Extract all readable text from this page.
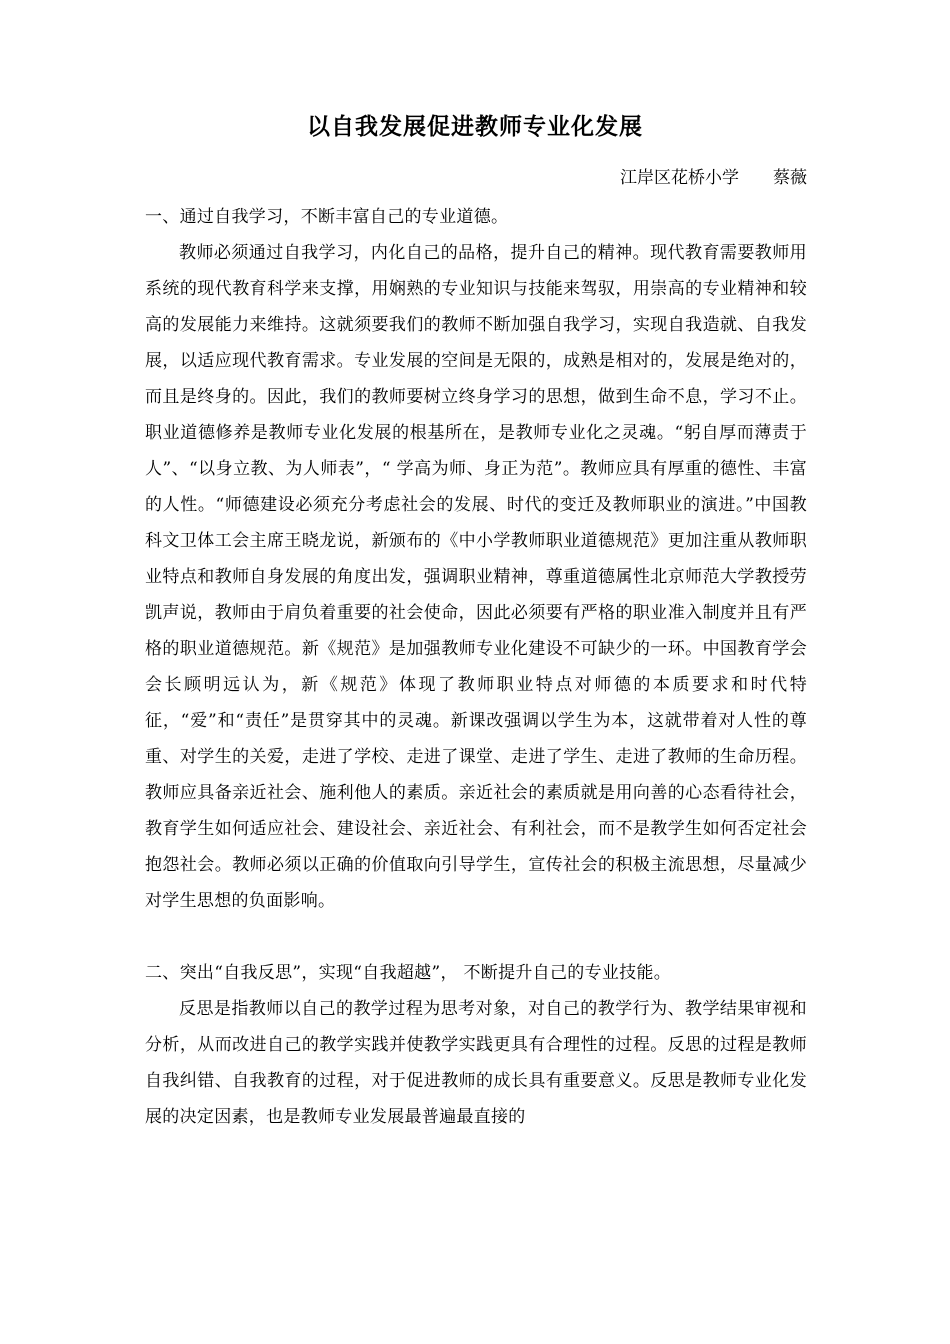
以自我发展促进教师专业化发展
江岸区花桥小学　　蔡薇

一、通过自我学习，不断丰富自己的专业道德。

教师必须通过自我学习，内化自己的品格，提升自己的精神。现代教育需要教师用系统的现代教育科学来支撑，用娴熟的专业知识与技能来驾驭，用崇高的专业精神和较高的发展能力来维持。这就须要我们的教师不断加强自我学习，实现自我造就、自我发展，以适应现代教育需求。专业发展的空间是无限的，成熟是相对的，发展是绝对的，而且是终身的。因此，我们的教师要树立终身学习的思想，做到生命不息，学习不止。职业道德修养是教师专业化发展的根基所在，是教师专业化之灵魂。“躬自厚而薄责于人”、“以身立教、为人师表”，“ 学高为师、身正为范”。教师应具有厚重的德性、丰富的人性。“师德建设必须充分考虑社会的发展、时代的变迁及教师职业的演进。”中国教科文卫体工会主席王晓龙说，新颁布的《中小学教师职业道德规范》更加注重从教师职业特点和教师自身发展的角度出发，强调职业精神，尊重道德属性北京师范大学教授劳凯声说，教师由于肩负着重要的社会使命，因此必须要有严格的职业准入制度并且有严格的职业道德规范。新《规范》是加强教师专业化建设不可缺少的一环。中国教育学会会长顾明远认为，新《规范》体现了教师职业特点对师德的本质要求和时代特征，“爱”和“责任”是贯穿其中的灵魂。新课改强调以学生为本，这就带着对人性的尊重、对学生的关爱，走进了学校、走进了课堂、走进了学生、走进了教师的生命历程。教师应具备亲近社会、施利他人的素质。亲近社会的素质就是用向善的心态看待社会，教育学生如何适应社会、建设社会、亲近社会、有利社会，而不是教学生如何否定社会抱怨社会。教师必须以正确的价值取向引导学生，宣传社会的积极主流思想，尽量减少对学生思想的负面影响。

二、突出“自我反思”，实现“自我超越”， 不断提升自己的专业技能。

反思是指教师以自己的教学过程为思考对象，对自己的教学行为、教学结果审视和分析，从而改进自己的教学实践并使教学实践更具有合理性的过程。反思的过程是教师自我纠错、自我教育的过程，对于促进教师的成长具有重要意义。反思是教师专业化发展的决定因素，也是教师专业发展最普遍最直接的
